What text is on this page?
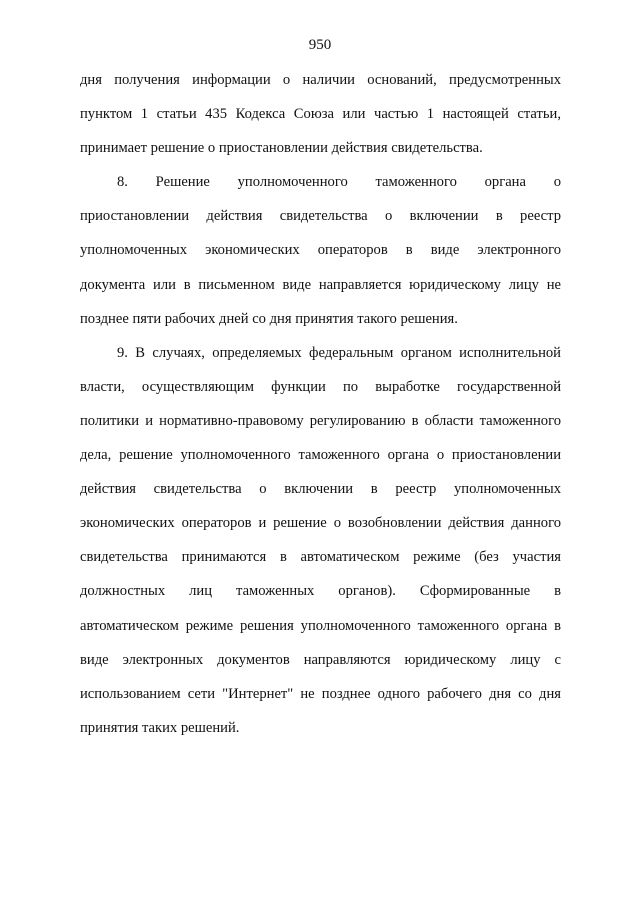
950
дня получения информации о наличии оснований, предусмотренных
пунктом 1 статьи 435 Кодекса Союза или частью 1 настоящей статьи,
принимает решение о приостановлении действия свидетельства.
8. Решение уполномоченного таможенного органа о
приостановлении действия свидетельства о включении в реестр
уполномоченных экономических операторов в виде электронного
документа или в письменном виде направляется юридическому лицу не
позднее пяти рабочих дней со дня принятия такого решения.
9. В случаях, определяемых федеральным органом исполнительной
власти, осуществляющим функции по выработке государственной
политики и нормативно-правовому регулированию в области таможенного
дела, решение уполномоченного таможенного органа о приостановлении
действия свидетельства о включении в реестр уполномоченных
экономических операторов и решение о возобновлении действия данного
свидетельства принимаются в автоматическом режиме (без участия
должностных лиц таможенных органов). Сформированные в
автоматическом режиме решения уполномоченного таможенного органа в
виде электронных документов направляются юридическому лицу с
использованием сети "Интернет" не позднее одного рабочего дня со дня
принятия таких решений.
